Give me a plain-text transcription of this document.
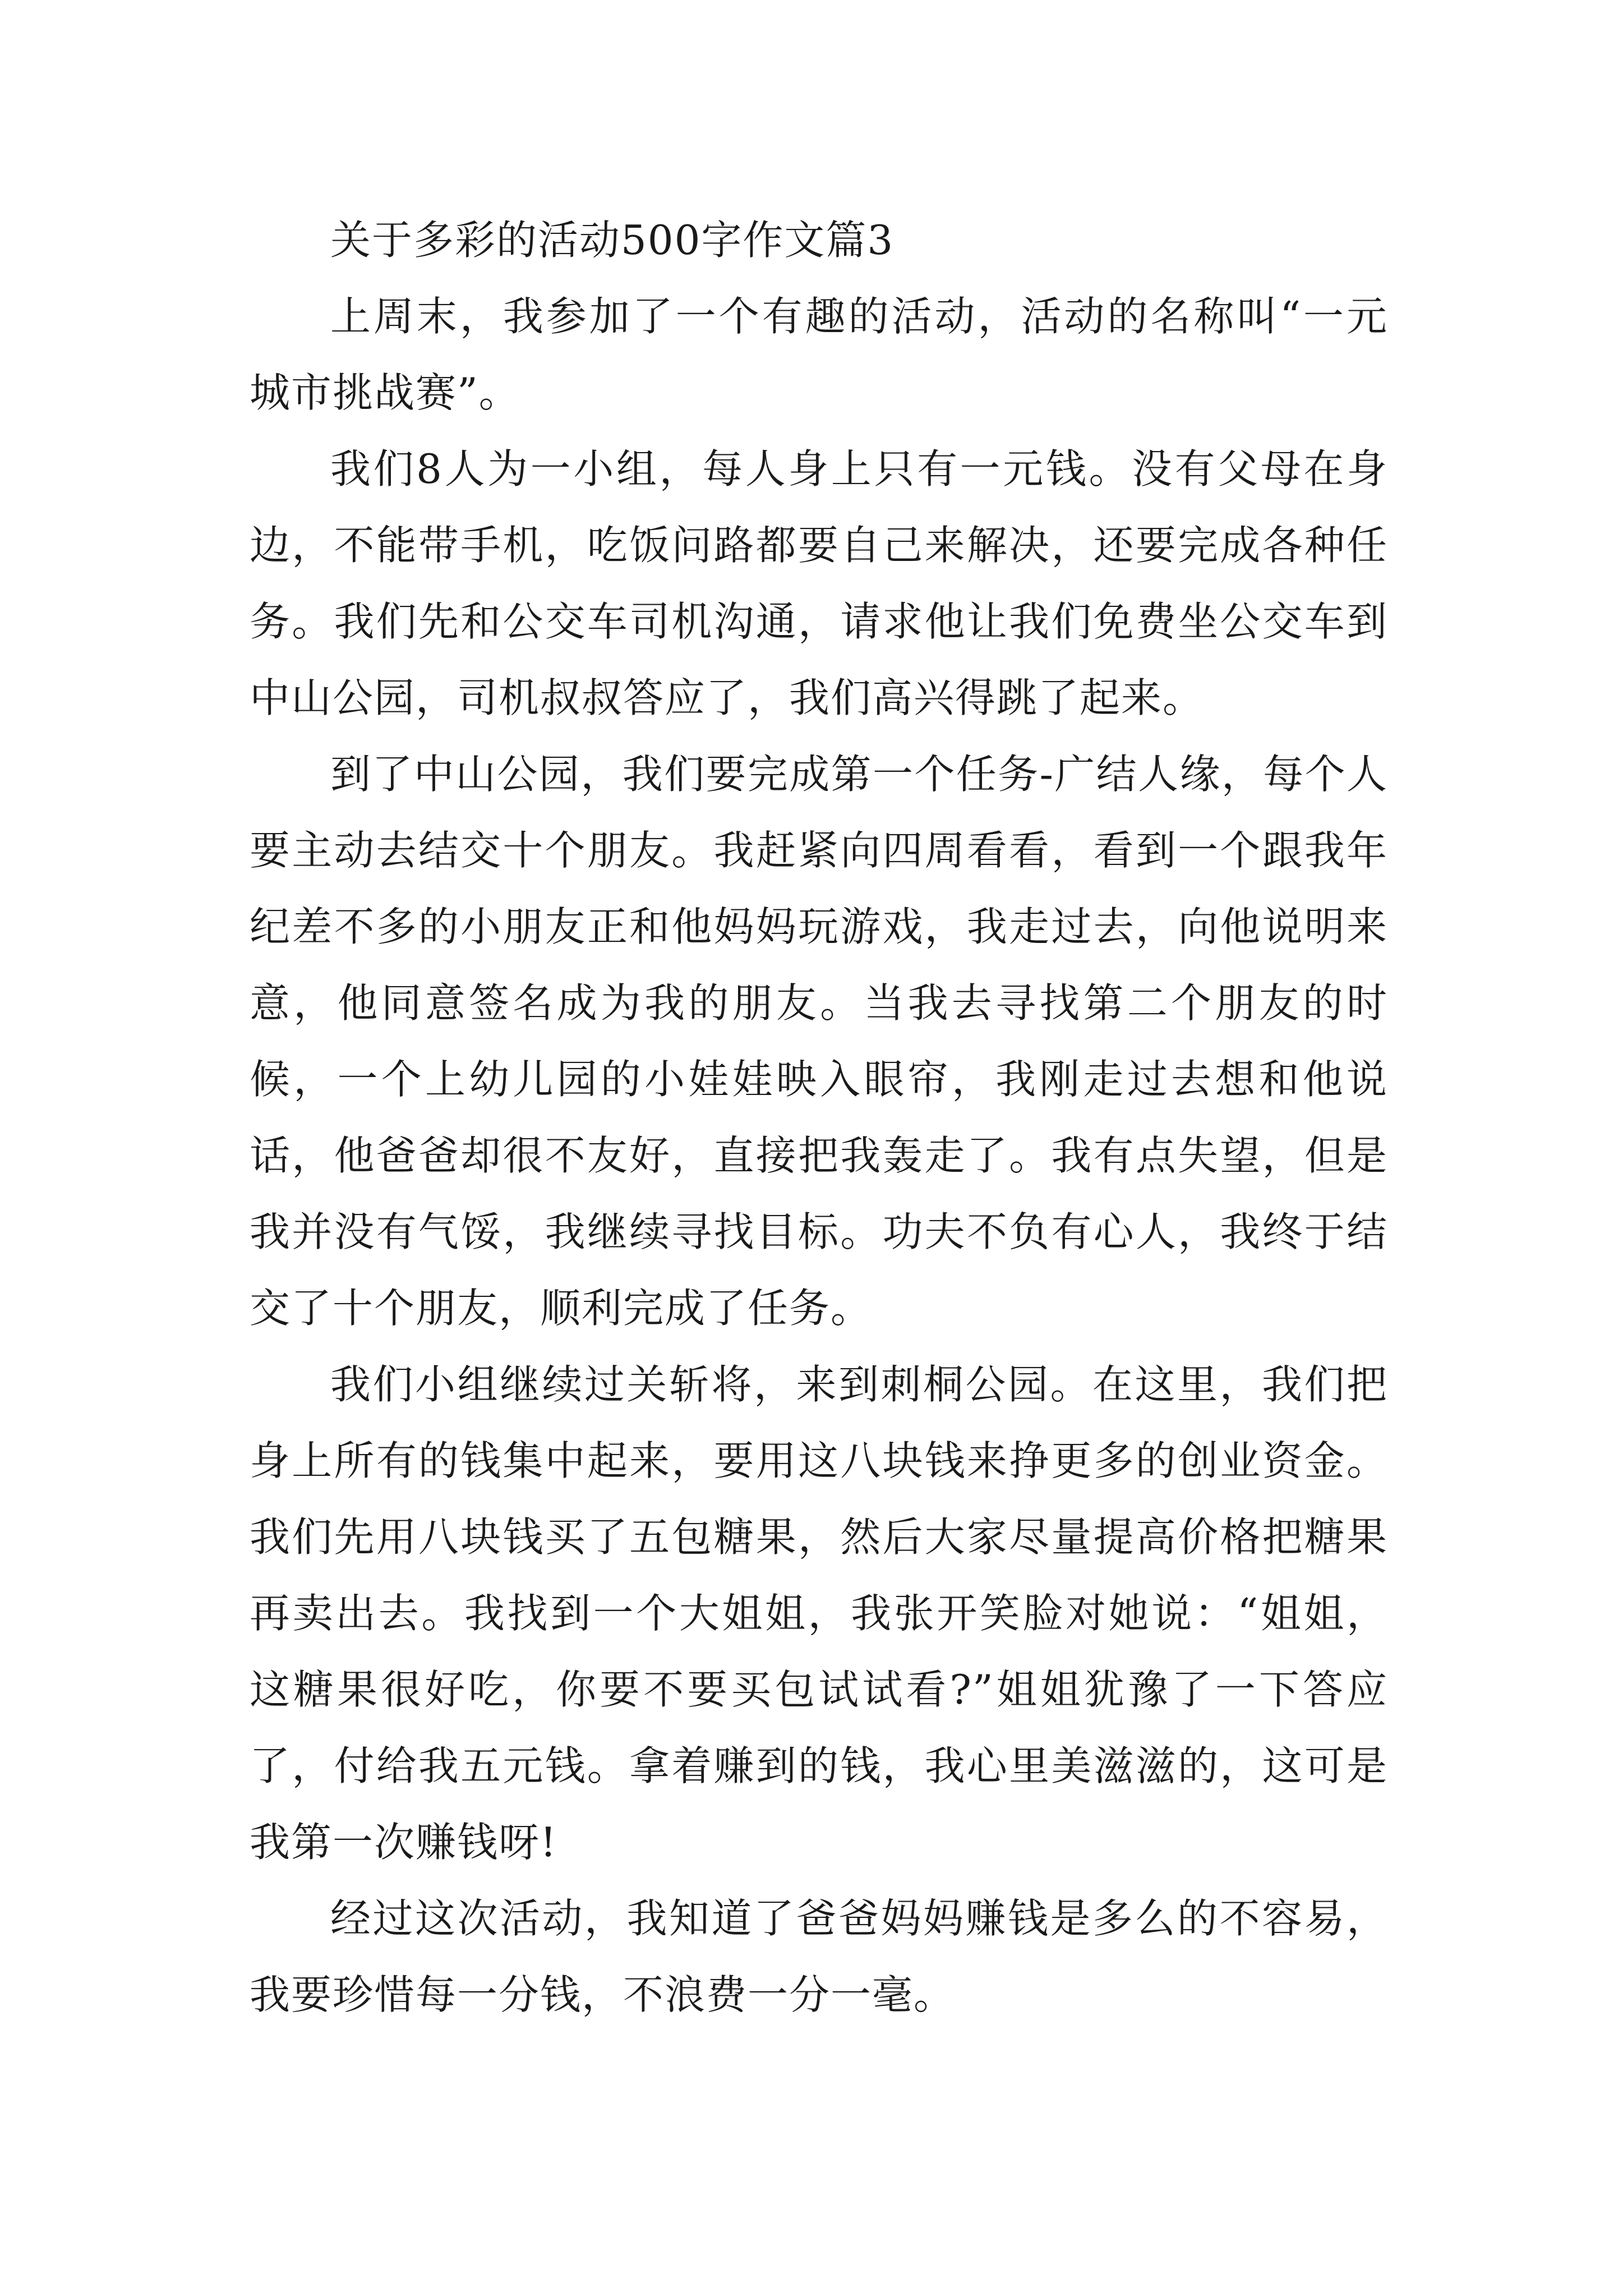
关于多彩的活动500字作文篇3

上周末，我参加了一个有趣的活动，活动的名称叫“一元城市挑战赛”。

我们8人为一小组，每人身上只有一元钱。没有父母在身边，不能带手机，吃饭问路都要自己来解决，还要完成各种任务。我们先和公交车司机沟通，请求他让我们免费坐公交车到中山公园，司机叔叔答应了，我们高兴得跳了起来。

到了中山公园，我们要完成第一个任务-广结人缘，每个人要主动去结交十个朋友。我赶紧向四周看看，看到一个跟我年纪差不多的小朋友正和他妈妈玩游戏，我走过去，向他说明来意，他同意签名成为我的朋友。当我去寻找第二个朋友的时候，一个上幼儿园的小娃娃映入眼帘，我刚走过去想和他说话，他爸爸却很不友好，直接把我轰走了。我有点失望，但是我并没有气馁，我继续寻找目标。功夫不负有心人，我终于结交了十个朋友，顺利完成了任务。

我们小组继续过关斩将，来到刺桐公园。在这里，我们把身上所有的钱集中起来，要用这八块钱来挣更多的创业资金。我们先用八块钱买了五包糖果，然后大家尽量提高价格把糖果再卖出去。我找到一个大姐姐，我张开笑脸对她说：“姐姐，这糖果很好吃，你要不要买包试试看?”姐姐犹豫了一下答应了，付给我五元钱。拿着赚到的钱，我心里美滋滋的，这可是我第一次赚钱呀!

经过这次活动，我知道了爸爸妈妈赚钱是多么的不容易，我要珍惜每一分钱，不浪费一分一毫。
